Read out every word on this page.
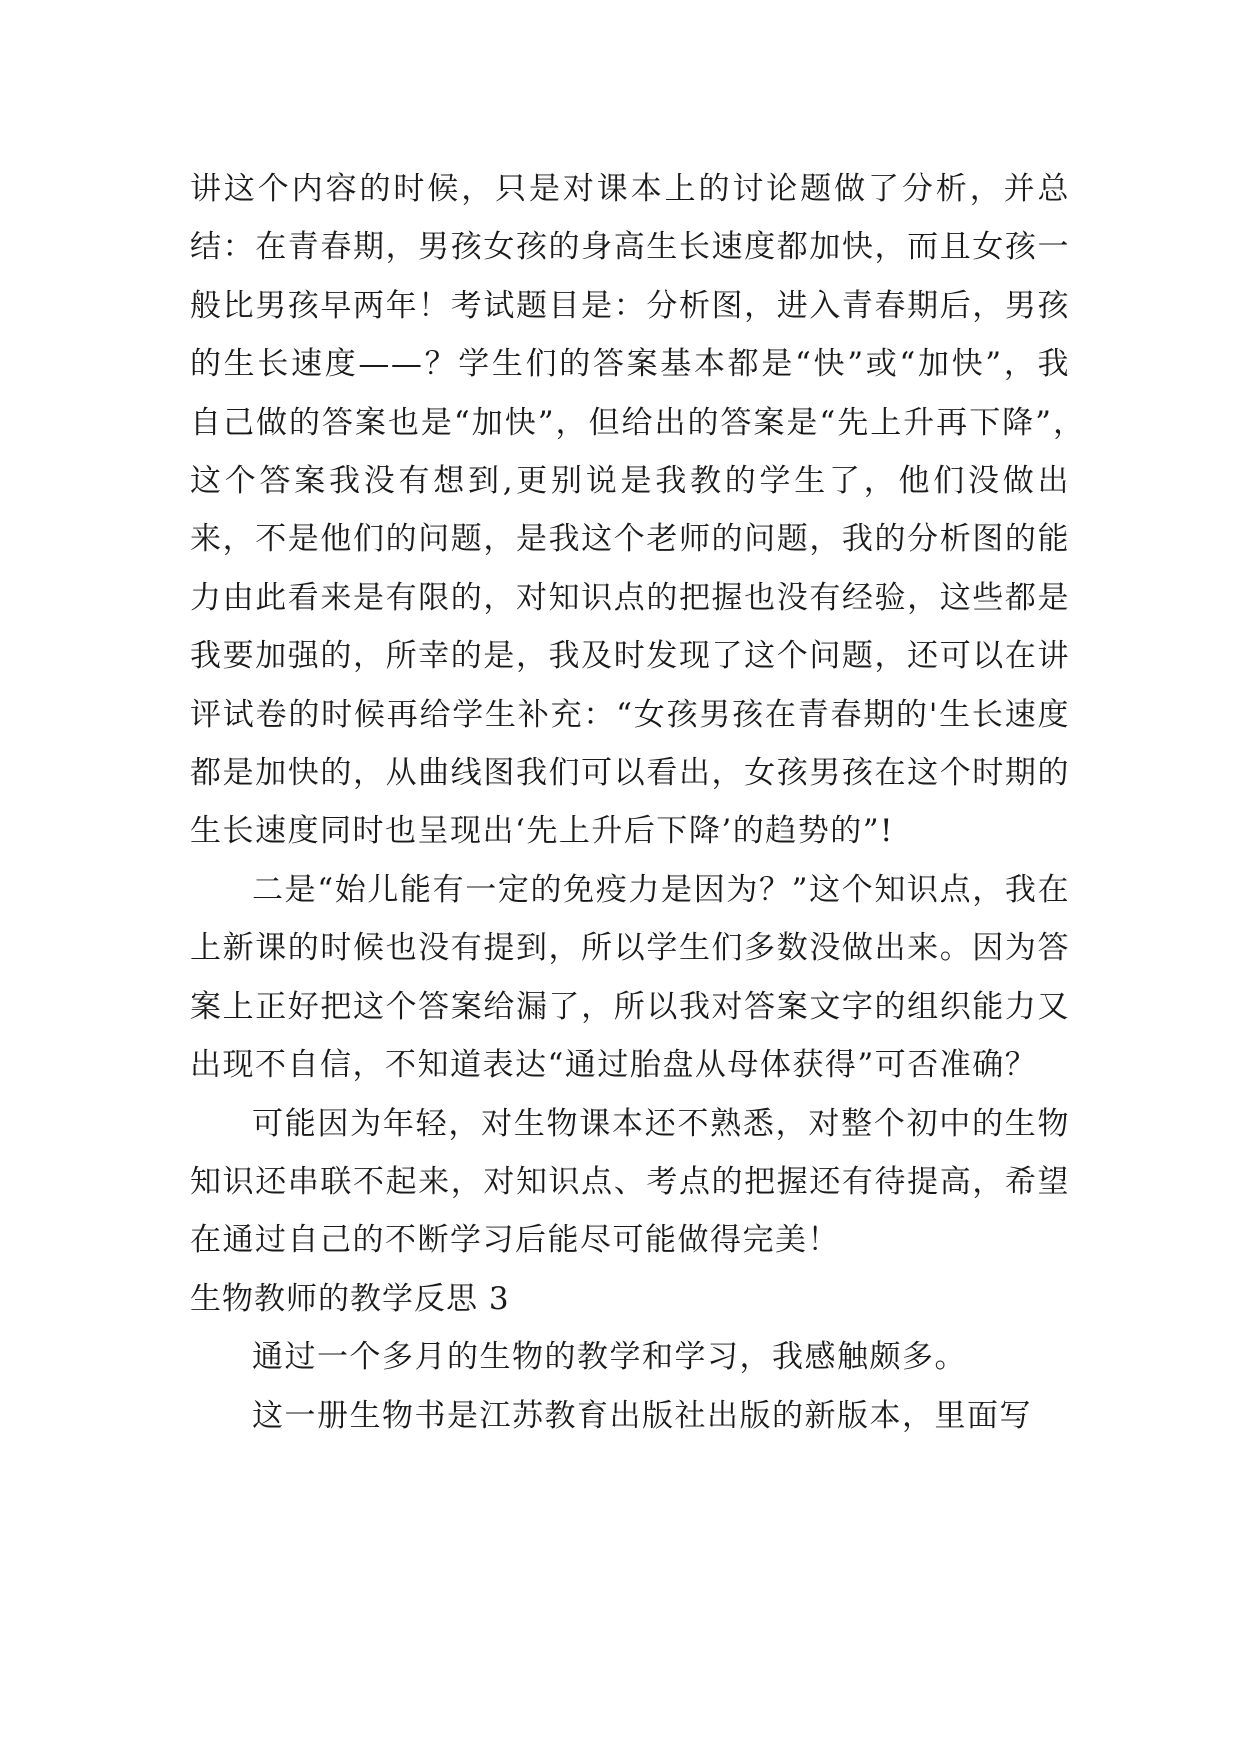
讲这个内容的时候，只是对课本上的讨论题做了分析，并总结：在青春期，男孩女孩的身高生长速度都加快，而且女孩一般比男孩早两年！考试题目是：分析图，进入青春期后，男孩的生长速度——？学生们的答案基本都是“快”或“加快”，我自己做的答案也是“加快”，但给出的答案是“先上升再下降”，　这个答案我没有想到,更别说是我教的学生了，他们没做出来，不是他们的问题，是我这个老师的问题，我的分析图的能力由此看来是有限的，对知识点的把握也没有经验，这些都是我要加强的，所幸的是，我及时发现了这个问题，还可以在讲评试卷的时候再给学生补充：“女孩男孩在青春期的'生长速度都是加快的，从曲线图我们可以看出，女孩男孩在这个时期的生长速度同时也呈现出‘先上升后下降’的趋势的”!

二是“始儿能有一定的免疫力是因为？”这个知识点，我在上新课的时候也没有提到，所以学生们多数没做出来。因为答案上正好把这个答案给漏了，所以我对答案文字的组织能力又出现不自信，不知道表达“通过胎盘从母体获得”可否准确？

可能因为年轻，对生物课本还不熟悉，对整个初中的生物知识还串联不起来，对知识点、考点的把握还有待提高，希望在通过自己的不断学习后能尽可能做得完美！

生物教师的教学反思 3

通过一个多月的生物的教学和学习，我感触颇多。

这一册生物书是江苏教育出版社出版的新版本，里面写
